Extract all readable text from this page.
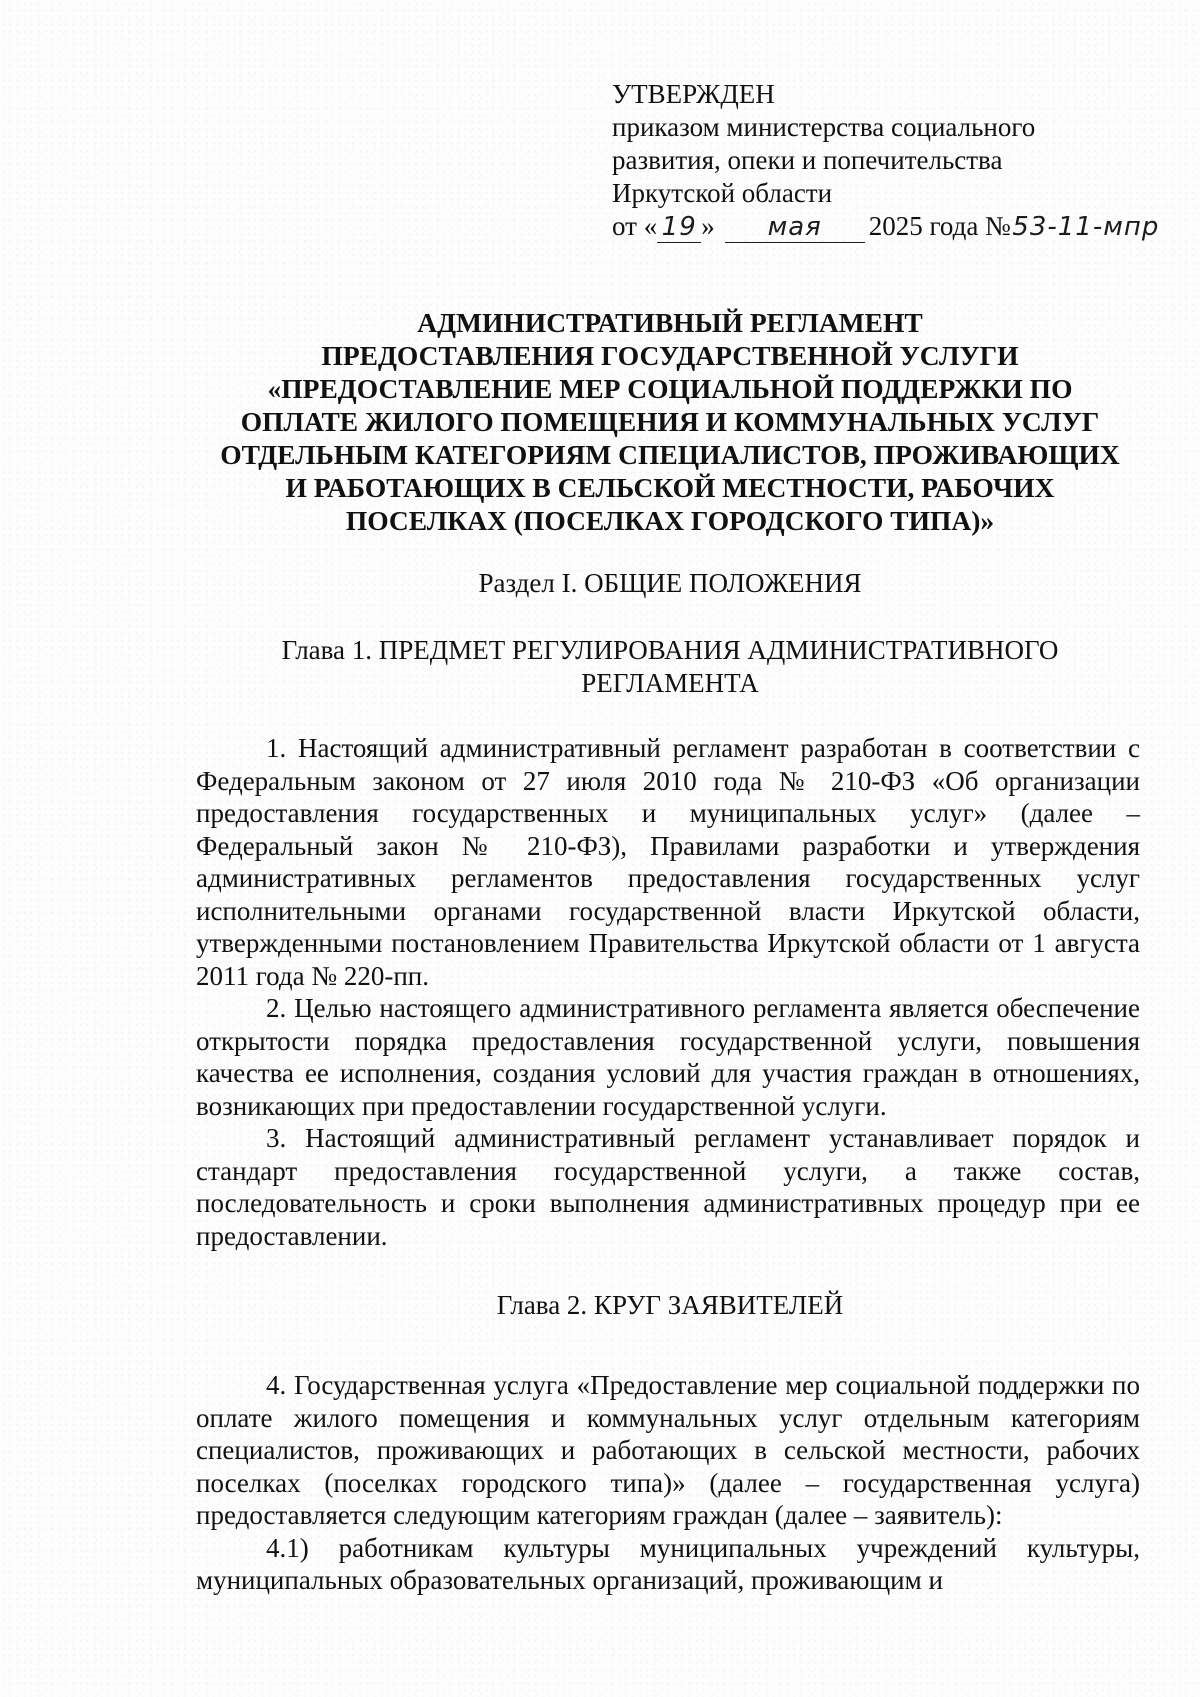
УТВЕРЖДЕН
приказом министерства социального
развития, опеки и попечительства
Иркутской области
от « 19 » мая 2025 года №53-11-мпр
АДМИНИСТРАТИВНЫЙ РЕГЛАМЕНТ
ПРЕДОСТАВЛЕНИЯ ГОСУДАРСТВЕННОЙ УСЛУГИ
«ПРЕДОСТАВЛЕНИЕ МЕР СОЦИАЛЬНОЙ ПОДДЕРЖКИ ПО
ОПЛАТЕ ЖИЛОГО ПОМЕЩЕНИЯ И КОММУНАЛЬНЫХ УСЛУГ
ОТДЕЛЬНЫМ КАТЕГОРИЯМ СПЕЦИАЛИСТОВ, ПРОЖИВАЮЩИХ
И РАБОТАЮЩИХ В СЕЛЬСКОЙ МЕСТНОСТИ, РАБОЧИХ
ПОСЕЛКАХ (ПОСЕЛКАХ ГОРОДСКОГО ТИПА)»
Раздел I. ОБЩИЕ ПОЛОЖЕНИЯ
Глава 1. ПРЕДМЕТ РЕГУЛИРОВАНИЯ АДМИНИСТРАТИВНОГО
РЕГЛАМЕНТА

1. Настоящий административный регламент разработан в соответствии с Федеральным законом от 27 июля 2010 года № 210-ФЗ «Об организации предоставления государственных и муниципальных услуг» (далее – Федеральный закон № 210-ФЗ), Правилами разработки и утверждения административных регламентов предоставления государственных услуг исполнительными органами государственной власти Иркутской области, утвержденными постановлением Правительства Иркутской области от 1 августа 2011 года № 220-пп.

2. Целью настоящего административного регламента является обеспечение открытости порядка предоставления государственной услуги, повышения качества ее исполнения, создания условий для участия граждан в отношениях, возникающих при предоставлении государственной услуги.

3. Настоящий административный регламент устанавливает порядок и стандарт предоставления государственной услуги, а также состав, последовательность и сроки выполнения административных процедур при ее предоставлении.

Глава 2. КРУГ ЗАЯВИТЕЛЕЙ

4. Государственная услуга «Предоставление мер социальной поддержки по оплате жилого помещения и коммунальных услуг отдельным категориям специалистов, проживающих и работающих в сельской местности, рабочих поселках (поселках городского типа)» (далее – государственная услуга) предоставляется следующим категориям граждан (далее – заявитель):

4.1) работникам культуры муниципальных учреждений культуры, муниципальных образовательных организаций, проживающим и
